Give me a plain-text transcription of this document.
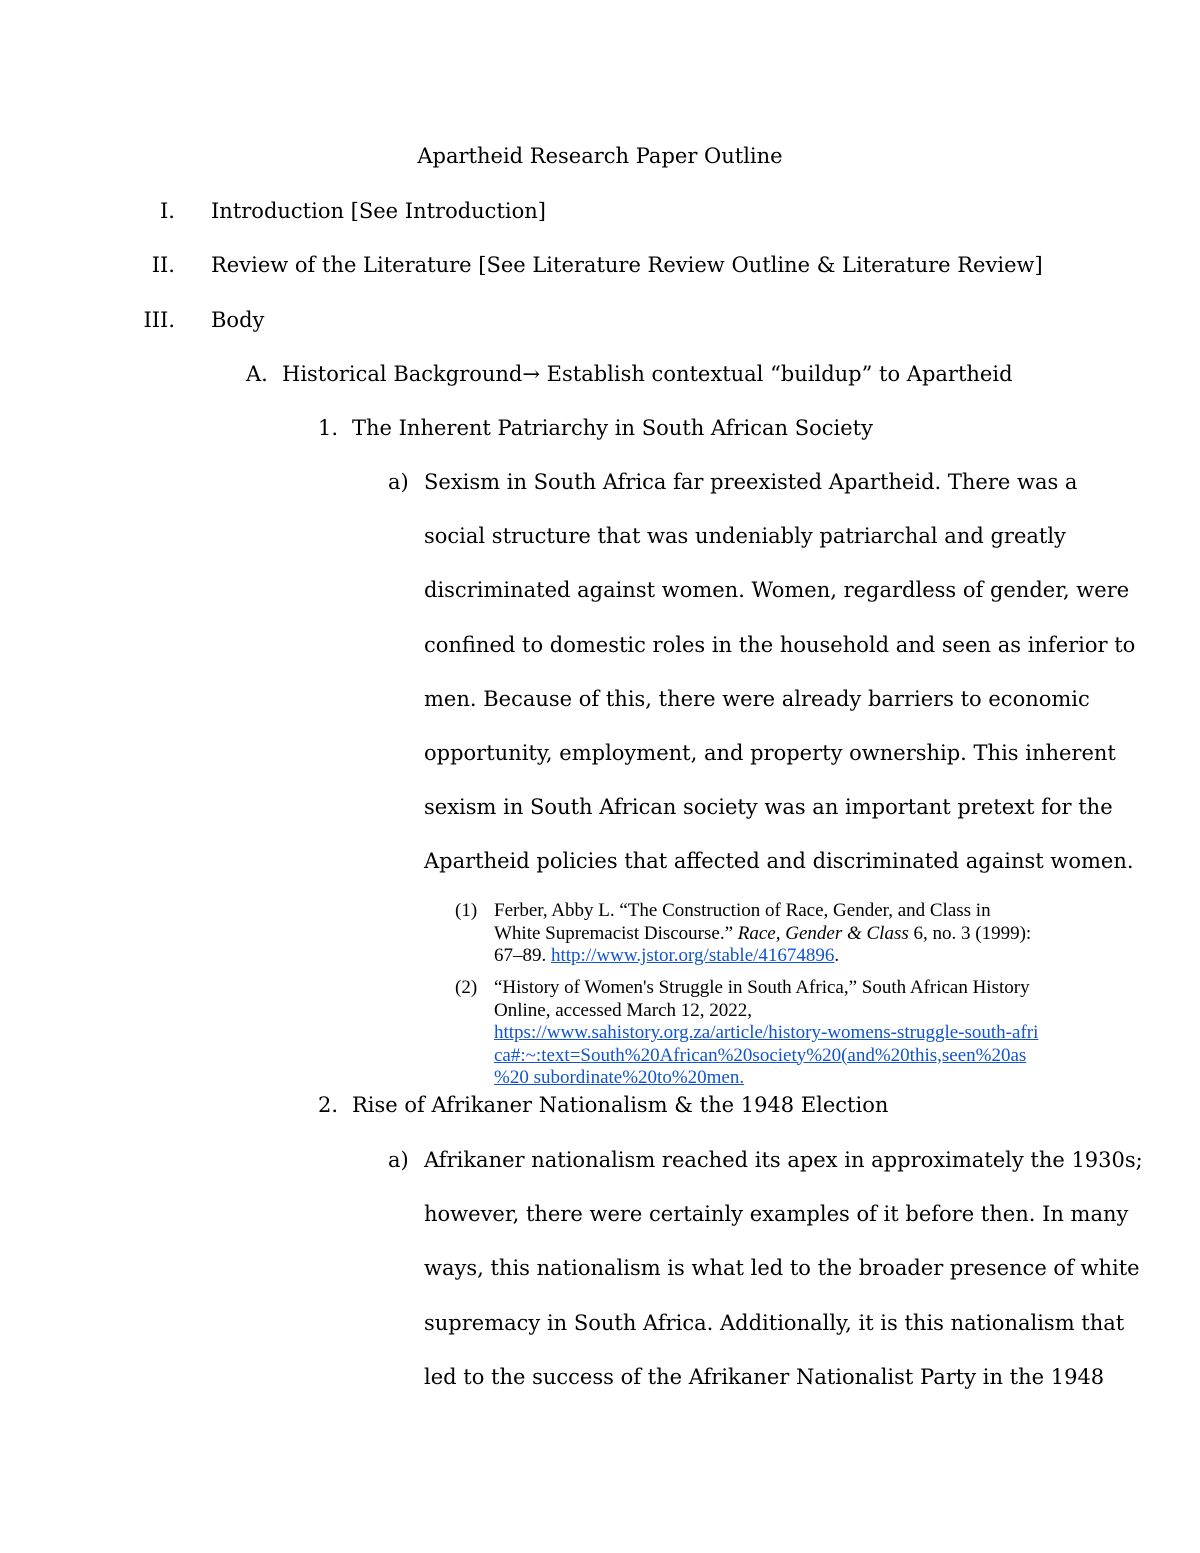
Apartheid Research Paper Outline
I. Introduction [See Introduction]
II. Review of the Literature [See Literature Review Outline & Literature Review]
III. Body
A. Historical Background→ Establish contextual “buildup” to Apartheid
1. The Inherent Patriarchy in South African Society
a) Sexism in South Africa far preexisted Apartheid. There was a
social structure that was undeniably patriarchal and greatly
discriminated against women. Women, regardless of gender, were
confined to domestic roles in the household and seen as inferior to
men. Because of this, there were already barriers to economic
opportunity, employment, and property ownership. This inherent
sexism in South African society was an important pretext for the
Apartheid policies that affected and discriminated against women.
(1) Ferber, Abby L. “The Construction of Race, Gender, and Class in
White Supremacist Discourse.” Race, Gender & Class 6, no. 3 (1999):
67–89. http://www.jstor.org/stable/41674896.
(2) “History of Women's Struggle in South Africa,” South African History
Online, accessed March 12, 2022,
https://www.sahistory.org.za/article/history-womens-struggle-south-afri
ca#:~:text=South%20African%20society%20(and%20this,seen%20as
%20 subordinate%20to%20men.
2. Rise of Afrikaner Nationalism & the 1948 Election
a) Afrikaner nationalism reached its apex in approximately the 1930s;
however, there were certainly examples of it before then. In many
ways, this nationalism is what led to the broader presence of white
supremacy in South Africa. Additionally, it is this nationalism that
led to the success of the Afrikaner Nationalist Party in the 1948
